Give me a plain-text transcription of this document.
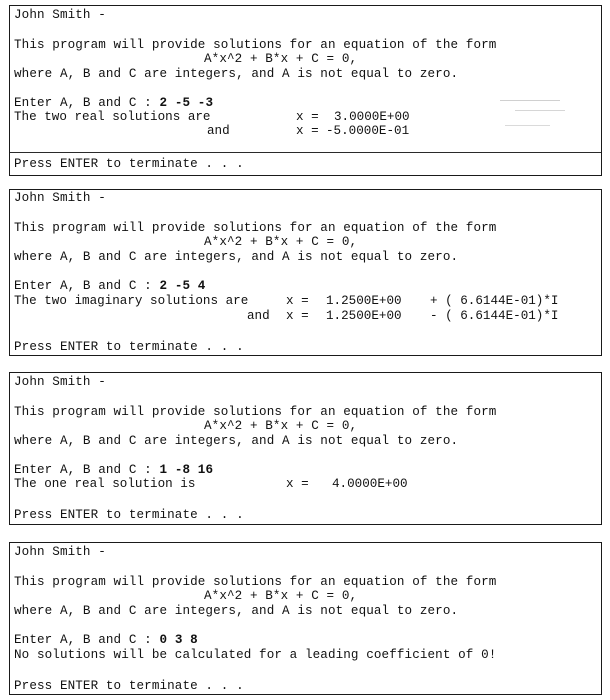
John Smith -
This program will provide solutions for an equation of the form
A*x^2 + B*x + C = 0,
where A, B and C are integers, and A is not equal to zero.
Enter A, B and C : 2 -5 -3
The two real solutions are	x = 3.0000E+00
and	x = -5.0000E-01
Press ENTER to terminate . . .
John Smith -
This program will provide solutions for an equation of the form
A*x^2 + B*x + C = 0,
where A, B and C are integers, and A is not equal to zero.
Enter A, B and C : 2 -5 4
The two imaginary solutions are	x = 1.2500E+00 + ( 6.6144E-01)*I
and x = 1.2500E+00 - ( 6.6144E-01)*I
Press ENTER to terminate . . .
John Smith -
This program will provide solutions for an equation of the form
A*x^2 + B*x + C = 0,
where A, B and C are integers, and A is not equal to zero.
Enter A, B and C : 1 -8 16
The one real solution is	x = 4.0000E+00
Press ENTER to terminate . . .
John Smith -
This program will provide solutions for an equation of the form
A*x^2 + B*x + C = 0,
where A, B and C are integers, and A is not equal to zero.
Enter A, B and C : 0 3 8
No solutions will be calculated for a leading coefficient of 0!
Press ENTER to terminate . . .
